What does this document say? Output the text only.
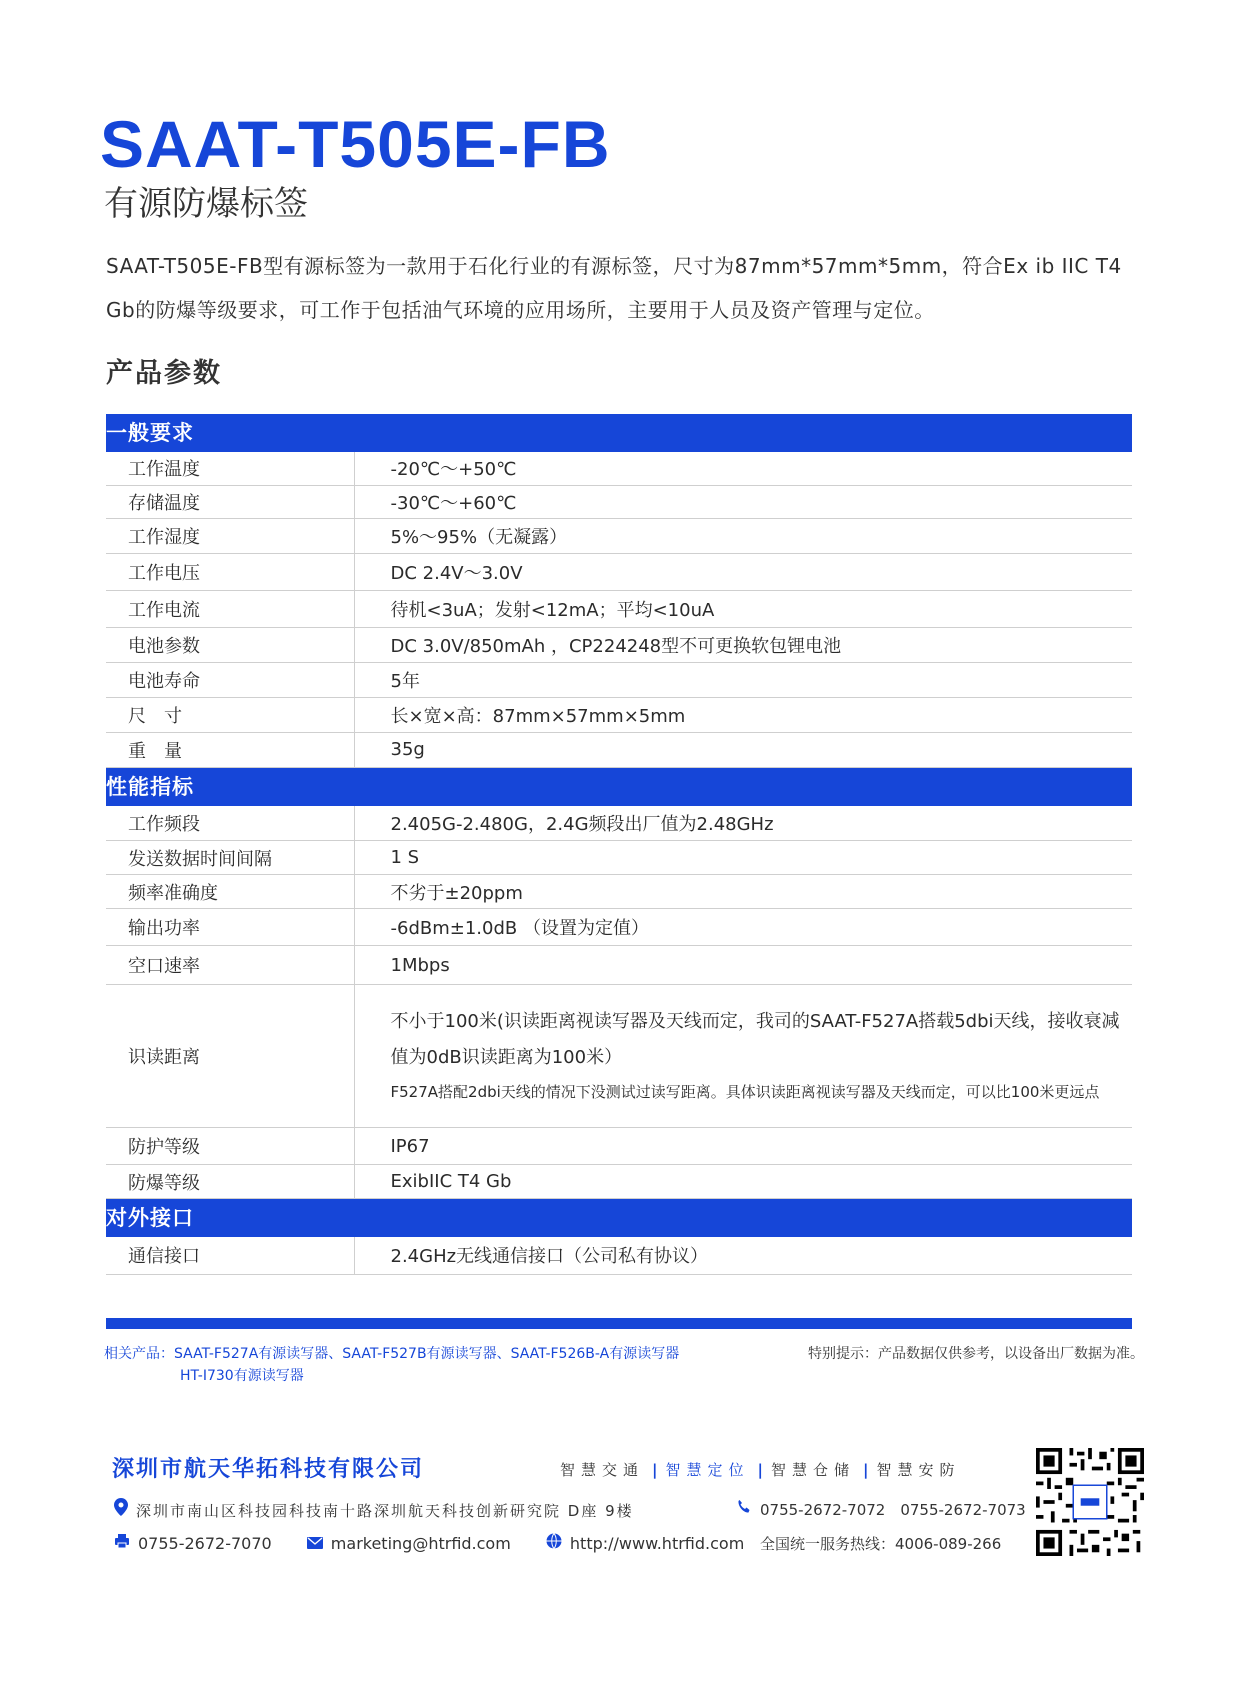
SAAT-T505E-FB
有源防爆标签

SAAT-T505E-FB型有源标签为一款用于石化行业的有源标签，尺寸为87mm*57mm*5mm，符合Ex ib IIC T4 Gb的防爆等级要求，可工作于包括油气环境的应用场所，主要用于人员及资产管理与定位。

产品参数
一般要求	
工作温度	-20℃～+50℃
存储温度	-30℃～+60℃
工作湿度	5%～95%（无凝露）
工作电压	DC 2.4V～3.0V
工作电流	待机<3uA；发射<12mA；平均<10uA
电池参数	DC 3.0V/850mAh ，CP224248型不可更换软包锂电池
电池寿命	5年
尺　寸	长×宽×高：87mm×57mm×5mm
重　量	35g
性能指标	
工作频段	2.405G-2.480G，2.4G频段出厂值为2.48GHz
发送数据时间间隔	1 S
频率准确度	不劣于±20ppm
输出功率	-6dBm±1.0dB （设置为定值）
空口速率	1Mbps
识读距离	不小于100米(识读距离视读写器及天线而定，我司的SAAT-F527A搭载5dbi天线，接收衰减值为0dB识读距离为100米）
F527A搭配2dbi天线的情况下没测试过读写距离。具体识读距离视读写器及天线而定，可以比100米更远点

防护等级	IP67
防爆等级	ExibIIC T4 Gb
对外接口	
通信接口	2.4GHz无线通信接口（公司私有协议）
相关产品：SAAT-F527A有源读写器、SAAT-F527B有源读写器、SAAT-F526B-A有源读写器
HT-I730有源读写器
特别提示：产品数据仅供参考，以设备出厂数据为准。
深圳市航天华拓科技有限公司	智慧交通 | 智慧定位 | 智慧仓储 | 智慧安防
深圳市南山区科技园科技南十路深圳航天科技创新研究院 D座 9楼	0755-2672-7072　0755-2672-7073
0755-2672-7070	marketing@htrfid.com	http://www.htrfid.com	全国统一服务热线：4006-089-266
